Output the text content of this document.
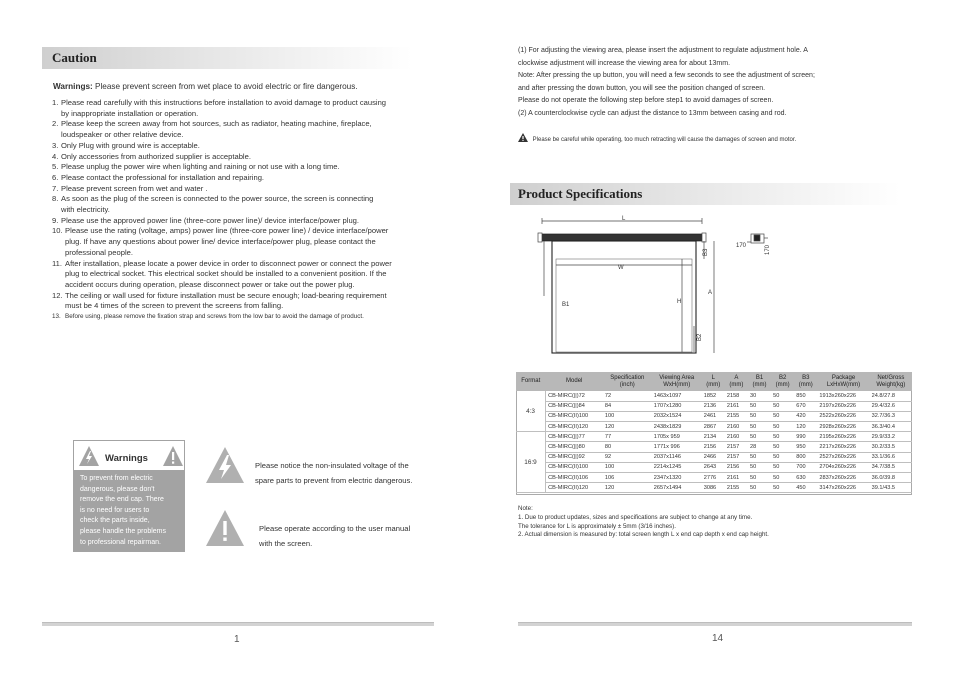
Caution
Warnings: Please prevent screen from wet place to avoid electric or fire dangerous.
1. Please read carefully with this instructions before installation to avoid damage to product causing
by inappropriate installation or operation.
2. Please keep the screen away from hot sources, such as radiator, heating machine, fireplace,
loudspeaker or other relative device.
3. Only Plug with ground wire is acceptable.
4. Only accessories from authorized supplier is acceptable.
5. Please unplug the power wire when lighting and raining or not use with a long time.
6. Please contact the professional for installation and repairing.
7. Please prevent screen from wet and water .
8. As soon as the plug of the screen is connected to the power source, the screen is connecting
with electricity.
9. Please use the approved power line (three-core power line)/ device interface/power plug.
10. Please use the rating (voltage, amps) power line (three-core power line) / device interface/power
plug. If have any questions about power line/ device interface/power plug, please contact the
professional people.
11. After installation, please locate a power device in order to disconnect power or connect the power
plug to electrical socket. This electrical socket should be installed to a convenient position. If the
accident occurs during operation, please disconnect power or take out the power plug.
12. The ceiling or wall used for fixture installation must be secure enough; load-bearing requirement
must be 4 times of the screen to prevent the screens from falling.
13. Before using, please remove the fixation strap and screws from the low bar to avoid the damage of product.
Warnings
To prevent from electric
dangerous, please don't
remove the end cap. There
is no need for users to
check the parts inside,
please handle the problems
to professional repairman.
Please notice the non-insulated voltage of the
spare parts to prevent from electric dangerous.
Please operate according to the user manual
with the screen.
1
(1) For adjusting the viewing area, please insert the adjustment to regulate adjustment hole. A
clockwise adjustment will increase the viewing area for about 13mm.
Note: After pressing the up button, you will need a few seconds to see the adjustment of screen;
and after pressing the down button, you will see the position changed of screen.
Please do not operate the following step before step1 to avoid damages of screen.
(2) A counterclockwise cycle can adjust the distance to 13mm between casing and rod.
Please be careful while operating, too much retracting will cause the damages of screen and motor.
Product Specifications
L
W
H
A
B1
B2
B3
170	170
Format	Model	Specification
(inch)	Viewing Area
WxH(mm)	L
(mm)	A
(mm)	B1
(mm)	B2
(mm)	B3
(mm)	Package
LxHxW(mm)	Net/Gross
Weight(kg)
4:3	CB-MIRC(||)72	72	1463x1097	1852	2158	30	50	850	1913x260x226	24.8/27.8
	CB-MIRC(||)84	84	1707x1280	2136	2161	50	50	670	2197x260x226	29.4/32.6
	CB-MIRC(II)100	100	2032x1524	2461	2155	50	50	420	2522x260x226	32.7/36.3
	CB-MIRC(II)120	120	2438x1829	2867	2160	50	50	120	2928x260x226	36.3/40.4
16:9	CB-MIRC(||)77	77	1705x 959	2134	2160	50	50	990	2195x260x226	29.9/33.2
	CB-MIRC(||)80	80	1771x 996	2156	2157	28	50	950	2217x260x226	30.2/33.5
	CB-MIRC(||)92	92	2037x1146	2466	2157	50	50	800	2527x260x226	33.1/36.6
	CB-MIRC(II)100	100	2214x1245	2643	2156	50	50	700	2704x260x226	34.7/38.5
	CB-MIRC(II)106	106	2347x1320	2776	2161	50	50	630	2837x260x226	36.0/39.8
	CB-MIRC(II)120	120	2657x1494	3086	2155	50	50	450	3147x260x226	39.1/43.5
Note:
1. Due to product updates, sizes and specifications are subject to change at any time.
The tolerance for L is approximately ± 5mm (3/16 inches).
2. Actual dimension is measured by: total screen length L x end cap depth x end cap height.
14
